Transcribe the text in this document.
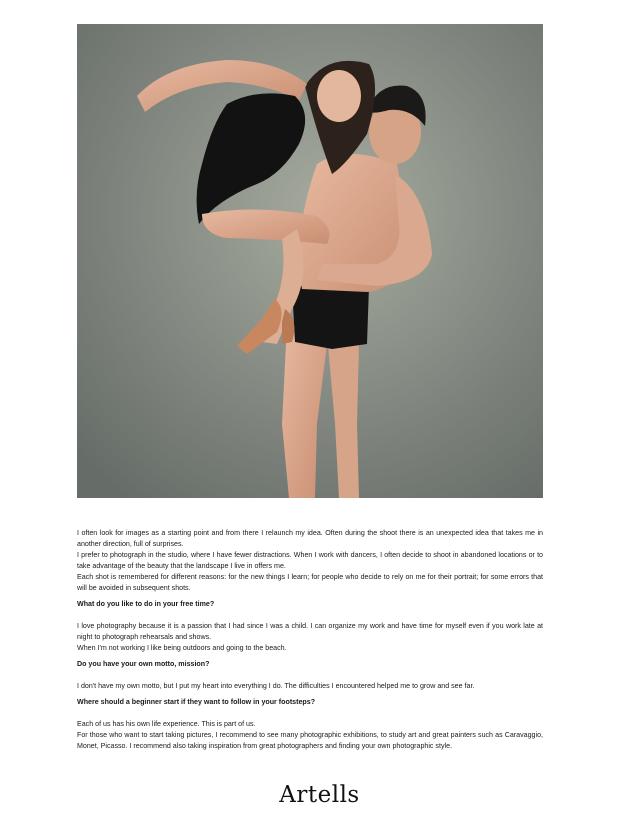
I often look for images as a starting point and from there I relaunch my idea. Often during the shoot there is an unexpected idea that takes me in another direction, full of surprises.

I prefer to photograph in the studio, where I have fewer distractions. When I work with dancers, I often decide to shoot in abandoned locations or to take advantage of the beauty that the landscape I live in offers me.

Each shot is remembered for different reasons: for the new things I learn; for people who decide to rely on me for their portrait; for some errors that will be avoided in subsequent shots.

What do you like to do in your free time?

I love photography because it is a passion that I had since I was a child. I can organize my work and have time for myself even if you work late at night to photograph rehearsals and shows.

When I'm not working I like being outdoors and going to the beach.

Do you have your own motto, mission?

I don't have my own motto, but I put my heart into everything I do. The difficulties I encountered helped me to grow and see far.

Where should a beginner start if they want to follow in your footsteps?

Each of us has his own life experience. This is part of us.

For those who want to start taking pictures, I recommend to see many photographic exhibitions, to study art and great painters such as Caravaggio, Monet, Picasso. I recommend also taking inspiration from great photographers and finding your own photographic style.

Artells
